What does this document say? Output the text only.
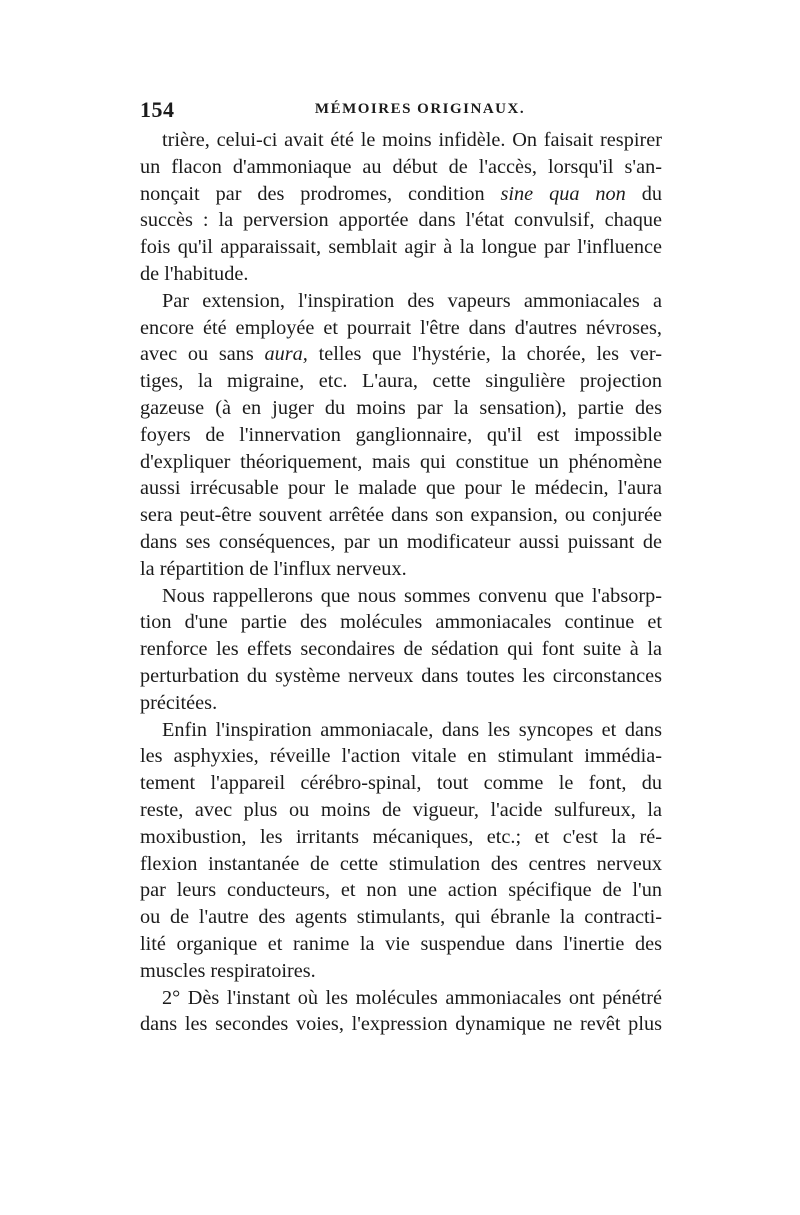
154	MÉMOIRES ORIGINAUX.
trière, celui-ci avait été le moins infidèle. On faisait respirer
un flacon d'ammoniaque au début de l'accès, lorsqu'il s'an-
nonçait par des prodromes, condition sine qua non du
succès : la perversion apportée dans l'état convulsif, chaque
fois qu'il apparaissait, semblait agir à la longue par l'influence
de l'habitude.
Par extension, l'inspiration des vapeurs ammoniacales a
encore été employée et pourrait l'être dans d'autres névroses,
avec ou sans aura, telles que l'hystérie, la chorée, les ver-
tiges, la migraine, etc. L'aura, cette singulière projection
gazeuse (à en juger du moins par la sensation), partie des
foyers de l'innervation ganglionnaire, qu'il est impossible
d'expliquer théoriquement, mais qui constitue un phénomène
aussi irrécusable pour le malade que pour le médecin, l'aura
sera peut-être souvent arrêtée dans son expansion, ou conjurée
dans ses conséquences, par un modificateur aussi puissant de
la répartition de l'influx nerveux.
Nous rappellerons que nous sommes convenu que l'absorp-
tion d'une partie des molécules ammoniacales continue et
renforce les effets secondaires de sédation qui font suite à la
perturbation du système nerveux dans toutes les circonstances
précitées.
Enfin l'inspiration ammoniacale, dans les syncopes et dans
les asphyxies, réveille l'action vitale en stimulant immédia-
tement l'appareil cérébro-spinal, tout comme le font, du
reste, avec plus ou moins de vigueur, l'acide sulfureux, la
moxibustion, les irritants mécaniques, etc.; et c'est la ré-
flexion instantanée de cette stimulation des centres nerveux
par leurs conducteurs, et non une action spécifique de l'un
ou de l'autre des agents stimulants, qui ébranle la contracti-
lité organique et ranime la vie suspendue dans l'inertie des
muscles respiratoires.
2° Dès l'instant où les molécules ammoniacales ont pénétré
dans les secondes voies, l'expression dynamique ne revêt plus
